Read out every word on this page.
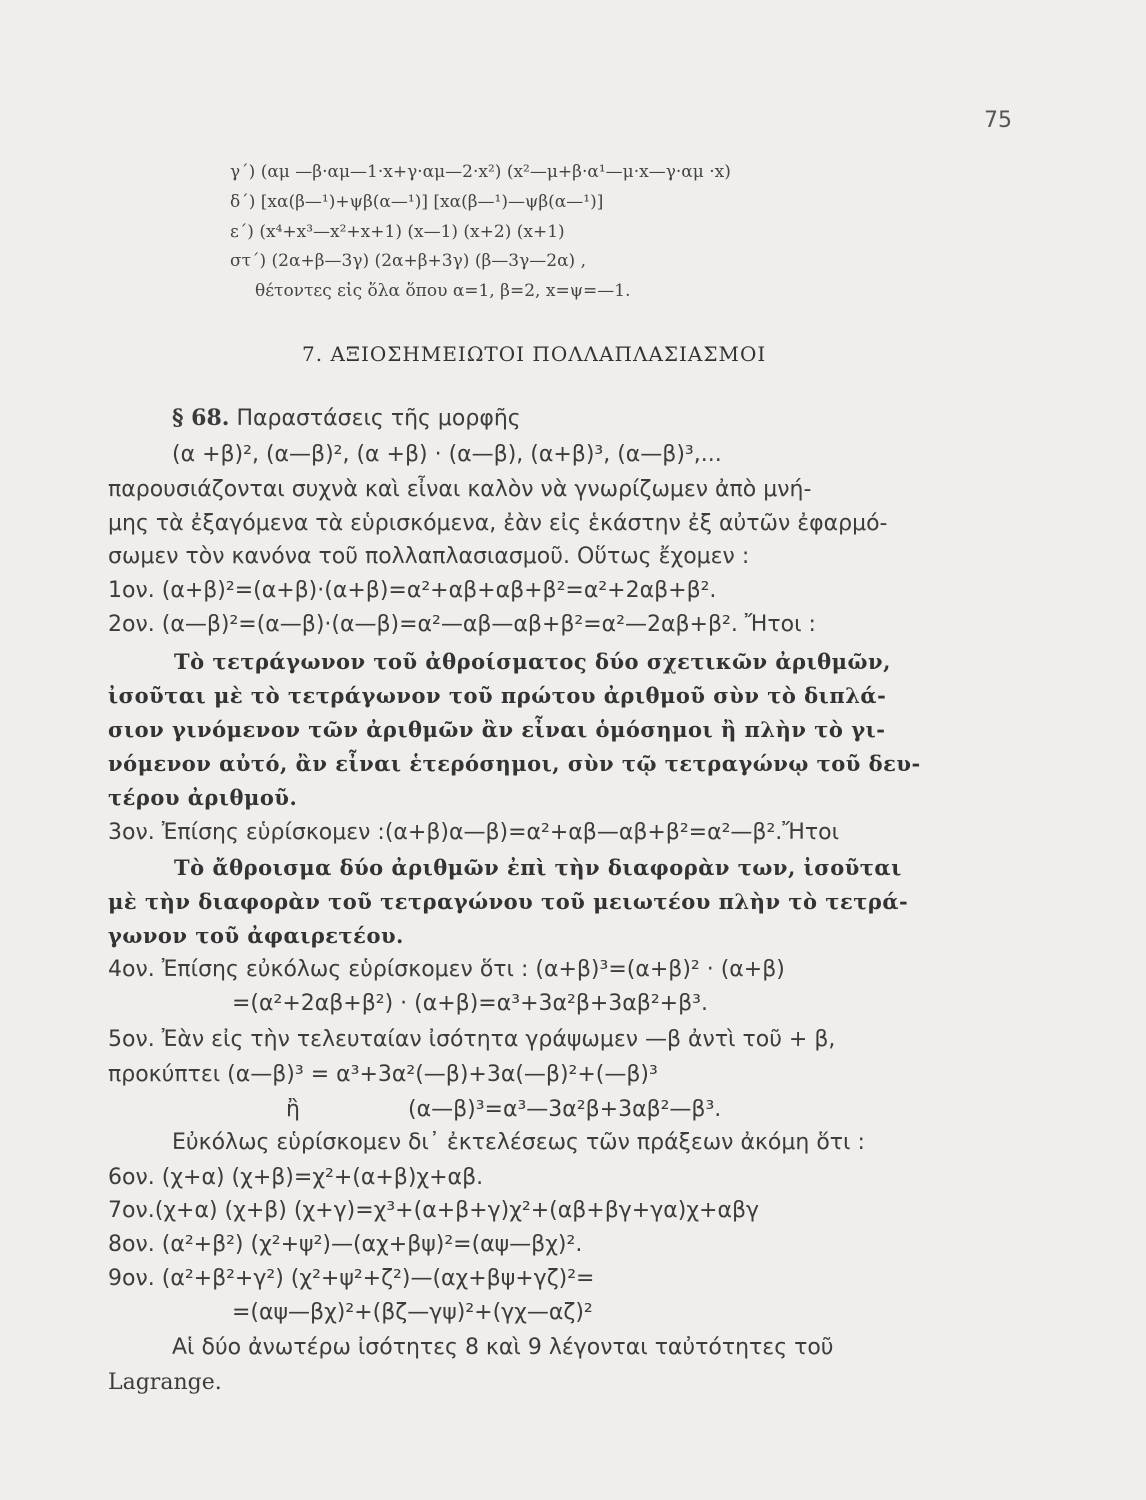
75
γ΄) (αμ —β·αμ—1·x+γ·αμ—2·x²) (x²—μ+β·α¹—μ·x—γ·αμ ·x)
δ΄) [xα(β—¹)+ψβ(α—¹)] [xα(β—¹)—ψβ(α—¹)]
ε΄) (x⁴+x³—x²+x+1) (x—1) (x+2) (x+1)
στ΄) (2α+β—3γ) (2α+β+3γ) (β—3γ—2α) ,
θέτοντες εἰς ὅλα ὅπου α=1, β=2, x=ψ=—1.
7. ΑΞΙΟΣΗΜΕΙΩΤΟΙ ΠΟΛΛΑΠΛΑΣΙΑΣΜΟΙ
§ 68. Παραστάσεις τῆς μορφῆς
(α +β)², (α—β)², (α +β) · (α—β), (α+β)³, (α—β)³,...
παρουσιάζονται συχνὰ καὶ εἶναι καλὸν νὰ γνωρίζωμεν ἀπὸ μνή-
μης τὰ ἐξαγόμενα τὰ εὑρισκόμενα, ἐὰν εἰς ἑκάστην ἐξ αὐτῶν ἐφαρμό-
σωμεν τὸν κανόνα τοῦ πολλαπλασιασμοῦ. Οὕτως ἔχομεν :
1ον. (α+β)²=(α+β)·(α+β)=α²+αβ+αβ+β²=α²+2αβ+β².
2ον. (α—β)²=(α—β)·(α—β)=α²—αβ—αβ+β²=α²—2αβ+β². Ἤτοι :
Τὸ τετράγωνον τοῦ ἀθροίσματος δύο σχετικῶν ἀριθμῶν,
ἰσοῦται μὲ τὸ τετράγωνον τοῦ πρώτου ἀριθμοῦ σὺν τὸ διπλά-
σιον γινόμενον τῶν ἀριθμῶν ἂν εἶναι ὁμόσημοι ἢ πλὴν τὸ γι-
νόμενον αὐτό, ἂν εἶναι ἑτερόσημοι, σὺν τῷ τετραγώνῳ τοῦ δευ-
τέρου ἀριθμοῦ.
3ον. Ἐπίσης εὑρίσκομεν :(α+β)α—β)=α²+αβ—αβ+β²=α²—β².Ἤτοι
Τὸ ἄθροισμα δύο ἀριθμῶν ἐπὶ τὴν διαφορὰν των, ἰσοῦται
μὲ τὴν διαφορὰν τοῦ τετραγώνου τοῦ μειωτέου πλὴν τὸ τετρά-
γωνον τοῦ ἀφαιρετέου.
4ον. Ἐπίσης εὐκόλως εὑρίσκομεν ὅτι : (α+β)³=(α+β)² · (α+β)
=(α²+2αβ+β²) · (α+β)=α³+3α²β+3αβ²+β³.
5ον. Ἐὰν εἰς τὴν τελευταίαν ἰσότητα γράψωμεν —β ἀντὶ τοῦ + β,
προκύπτει (α—β)³ = α³+3α²(—β)+3α(—β)²+(—β)³
ἢ	(α—β)³=α³—3α²β+3αβ²—β³.
Εὐκόλως εὑρίσκομεν δι᾽ ἐκτελέσεως τῶν πράξεων ἀκόμη ὅτι :
6ον. (χ+α) (χ+β)=χ²+(α+β)χ+αβ.
7ον.(χ+α) (χ+β) (χ+γ)=χ³+(α+β+γ)χ²+(αβ+βγ+γα)χ+αβγ
8ον. (α²+β²) (χ²+ψ²)—(αχ+βψ)²=(αψ—βχ)².
9ον. (α²+β²+γ²) (χ²+ψ²+ζ²)—(αχ+βψ+γζ)²=
=(αψ—βχ)²+(βζ—γψ)²+(γχ—αζ)²
Αἱ δύο ἀνωτέρω ἰσότητες 8 καὶ 9 λέγονται ταὐτότητες τοῦ
Lagrange.
